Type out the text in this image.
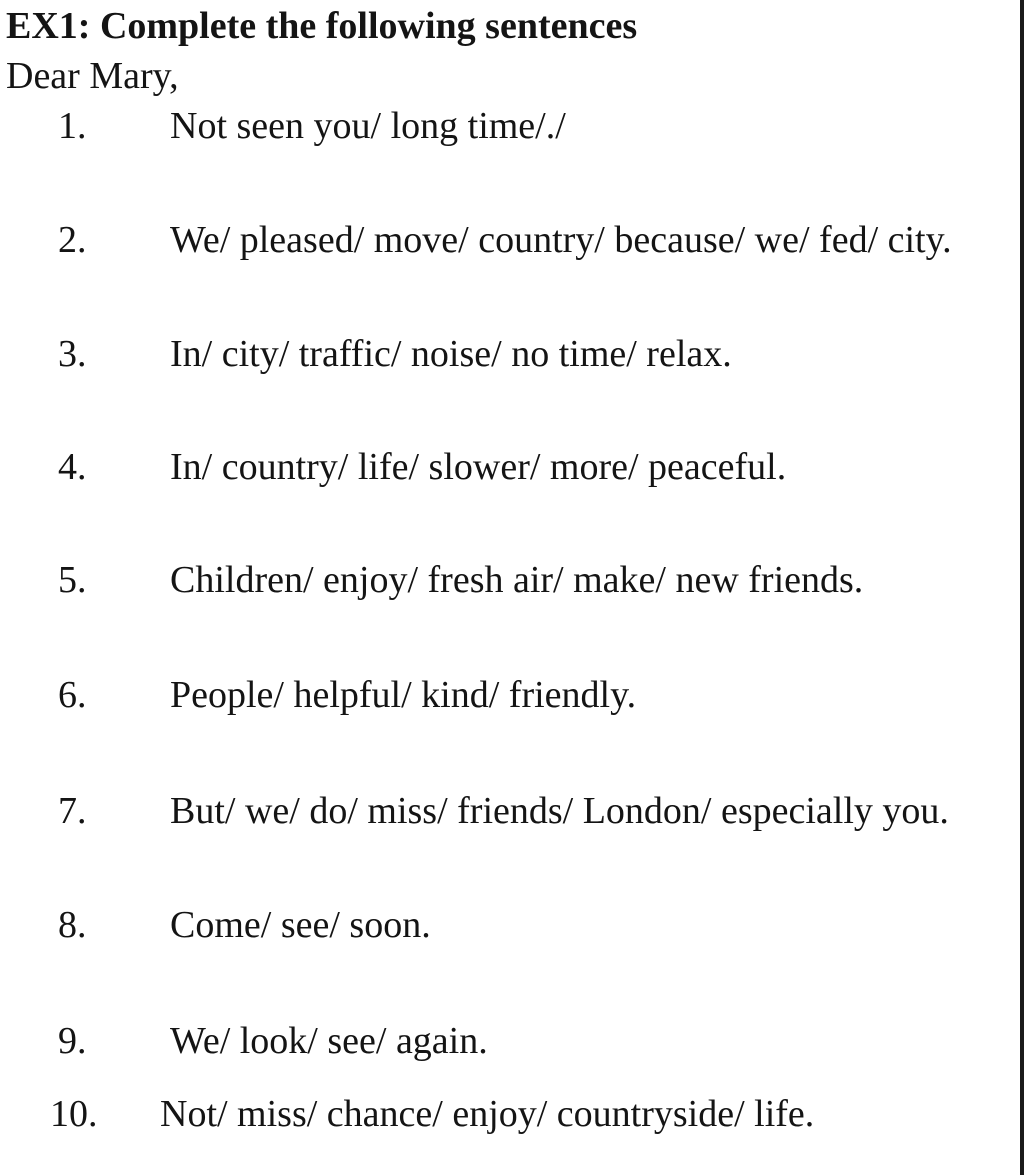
EX1: Complete the following sentences
Dear Mary,
1. Not seen you/ long time/./
2. We/ pleased/ move/ country/ because/ we/ fed/ city.
3. In/ city/ traffic/ noise/ no time/ relax.
4. In/ country/ life/ slower/ more/ peaceful.
5. Children/ enjoy/ fresh air/ make/ new friends.
6. People/ helpful/ kind/ friendly.
7. But/ we/ do/ miss/ friends/ London/ especially you.
8. Come/ see/ soon.
9. We/ look/ see/ again.
10. Not/ miss/ chance/ enjoy/ countryside/ life.
